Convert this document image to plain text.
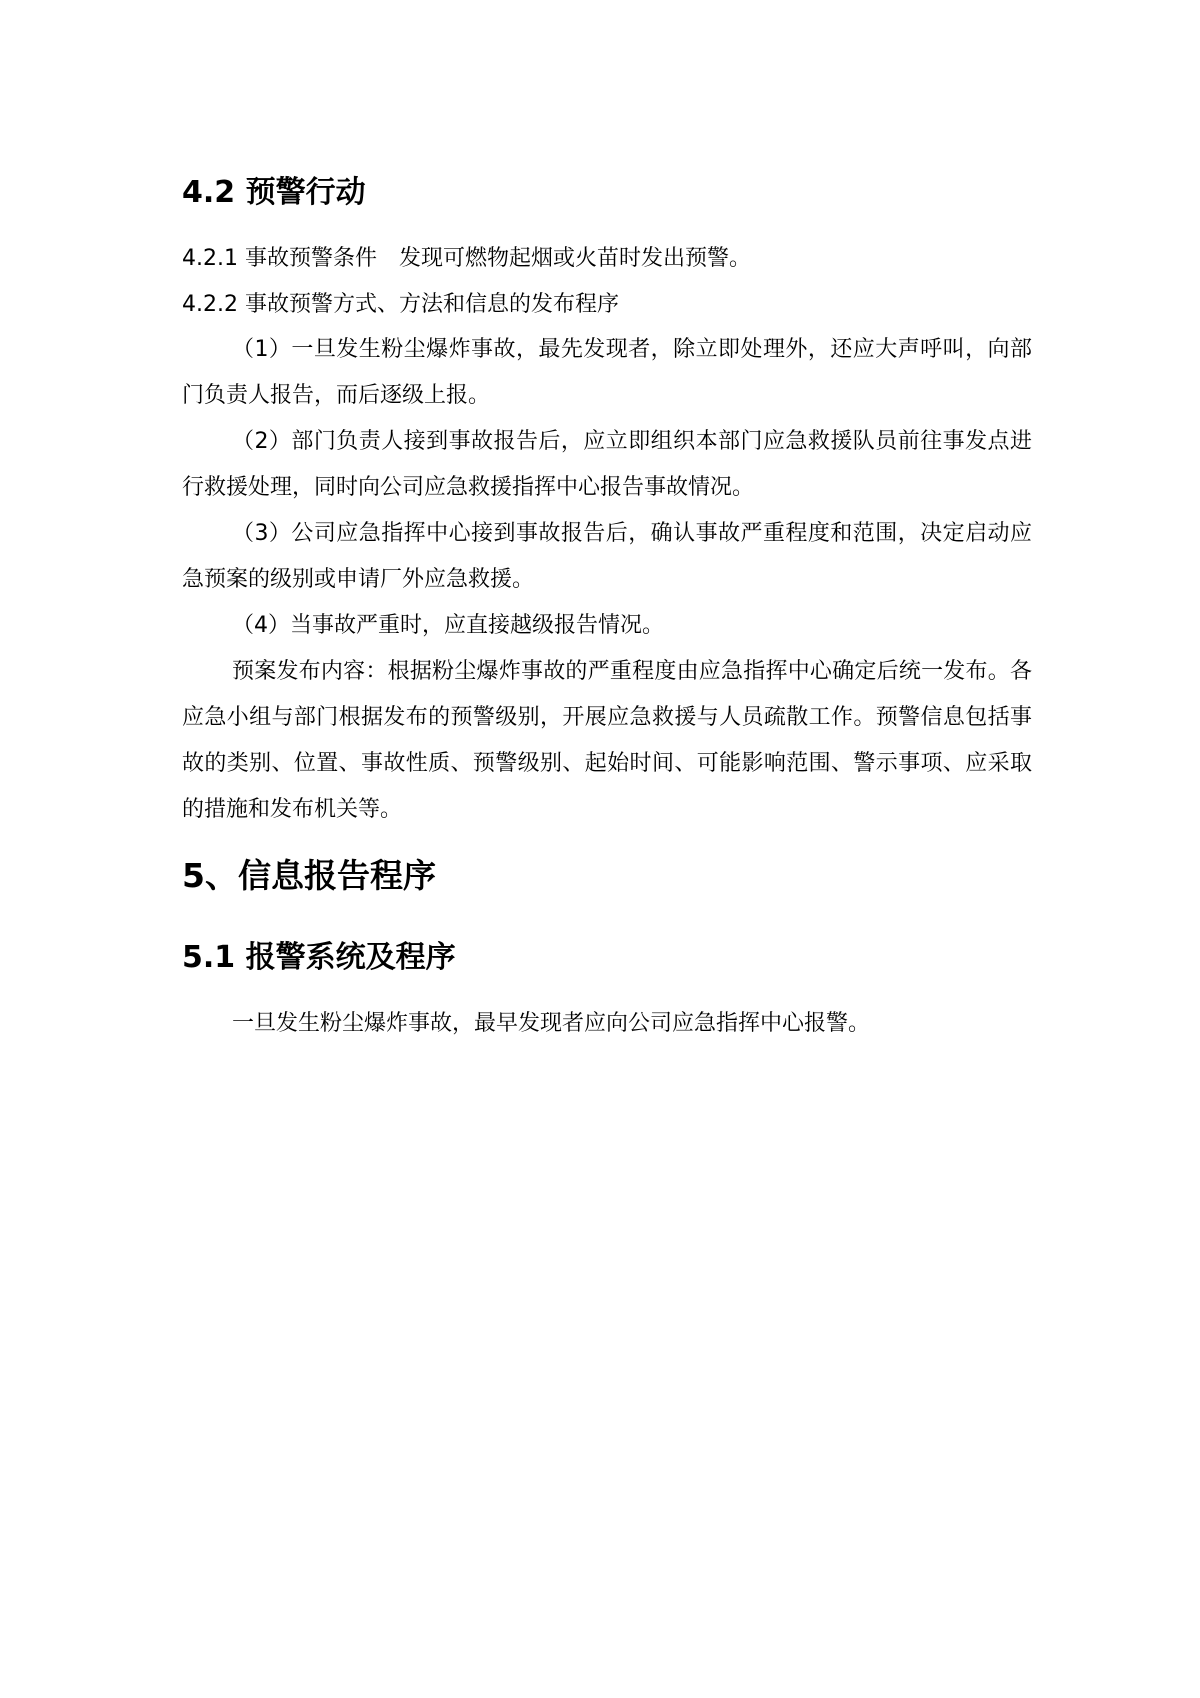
4.2 预警行动
4.2.1 事故预警条件　发现可燃物起烟或火苗时发出预警。
4.2.2 事故预警方式、方法和信息的发布程序

（1）一旦发生粉尘爆炸事故，最先发现者，除立即处理外，还应大声呼叫，向部门负责人报告，而后逐级上报。

（2）部门负责人接到事故报告后，应立即组织本部门应急救援队员前往事发点进行救援处理，同时向公司应急救援指挥中心报告事故情况。

（3）公司应急指挥中心接到事故报告后，确认事故严重程度和范围，决定启动应急预案的级别或申请厂外应急救援。

（4）当事故严重时，应直接越级报告情况。

预案发布内容：根据粉尘爆炸事故的严重程度由应急指挥中心确定后统一发布。各应急小组与部门根据发布的预警级别，开展应急救援与人员疏散工作。预警信息包括事故的类别、位置、事故性质、预警级别、起始时间、可能影响范围、警示事项、应采取的措施和发布机关等。

5、信息报告程序
5.1 报警系统及程序

一旦发生粉尘爆炸事故，最早发现者应向公司应急指挥中心报警。
